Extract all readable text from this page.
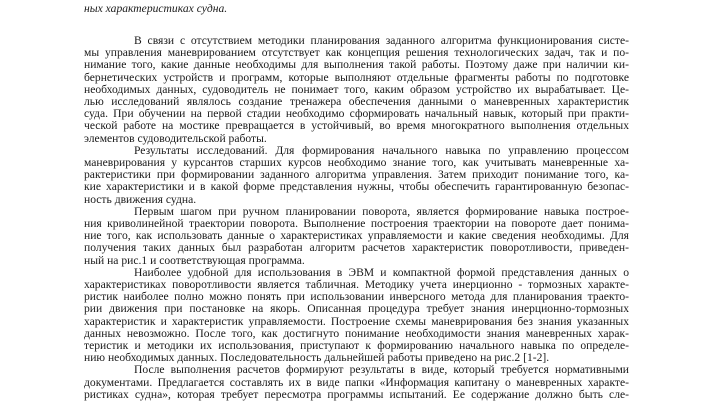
ных характеристиках судна.
В связи с отсутствием методики планирования заданного алгоритма функционирования систе-
мы управления маневрированием отсутствует как концепция решения технологических задач, так и по-
нимание того, какие данные необходимы для выполнения такой работы. Поэтому даже при наличии ки-
бернетических устройств и программ, которые выполняют отдельные фрагменты работы по подготовке
необходимых данных, судоводитель не понимает того, каким образом устройство их вырабатывает. Це-
лью исследований являлось создание тренажера обеспечения данными о маневренных характеристик
суда. При обучении на первой стадии необходимо сформировать начальный навык, который при практи-
ческой работе на мостике превращается в устойчивый, во время многократного выполнения отдельных
элементов судоводительской работы.
Результаты исследований. Для формирования начального навыка по управлению процессом
маневрирования у курсантов старших курсов необходимо знание того, как учитывать маневренные ха-
рактеристики при формировании заданного алгоритма управления. Затем приходит понимание того, ка-
кие характеристики и в какой форме представления нужны, чтобы обеспечить гарантированную безопас-
ность движения судна.
Первым шагом при ручном планировании поворота, является формирование навыка построе-
ния криволинейной траектории поворота. Выполнение построения траектории на повороте дает понима-
ние того, как использовать данные о характеристиках управляемости и какие сведения необходимы. Для
получения таких данных был разработан алгоритм расчетов характеристик поворотливости, приведен-
ный на рис.1 и соответствующая программа.
Наиболее удобной для использования в ЭВМ и компактной формой представления данных о
характеристиках поворотливости является табличная. Методику учета инерционно - тормозных характе-
ристик наиболее полно можно понять при использовании инверсного метода для планирования траекто-
рии движения при постановке на якорь. Описанная процедура требует знания инерционно-тормозных
характеристик и характеристик управляемости. Построение схемы маневрирования без знания указанных
данных невозможно. После того, как достигнуто понимание необходимости знания маневренных харак-
теристик и методики их использования, приступают к формированию начального навыка по определе-
нию необходимых данных. Последовательность дальнейшей работы приведено на рис.2 [1-2].
После выполнения расчетов формируют результаты в виде, который требуется нормативными
документами. Предлагается составлять их в виде папки «Информация капитану о маневренных характе-
ристиках судна», которая требует пересмотра программы испытаний. Ее содержание должно быть сле-
